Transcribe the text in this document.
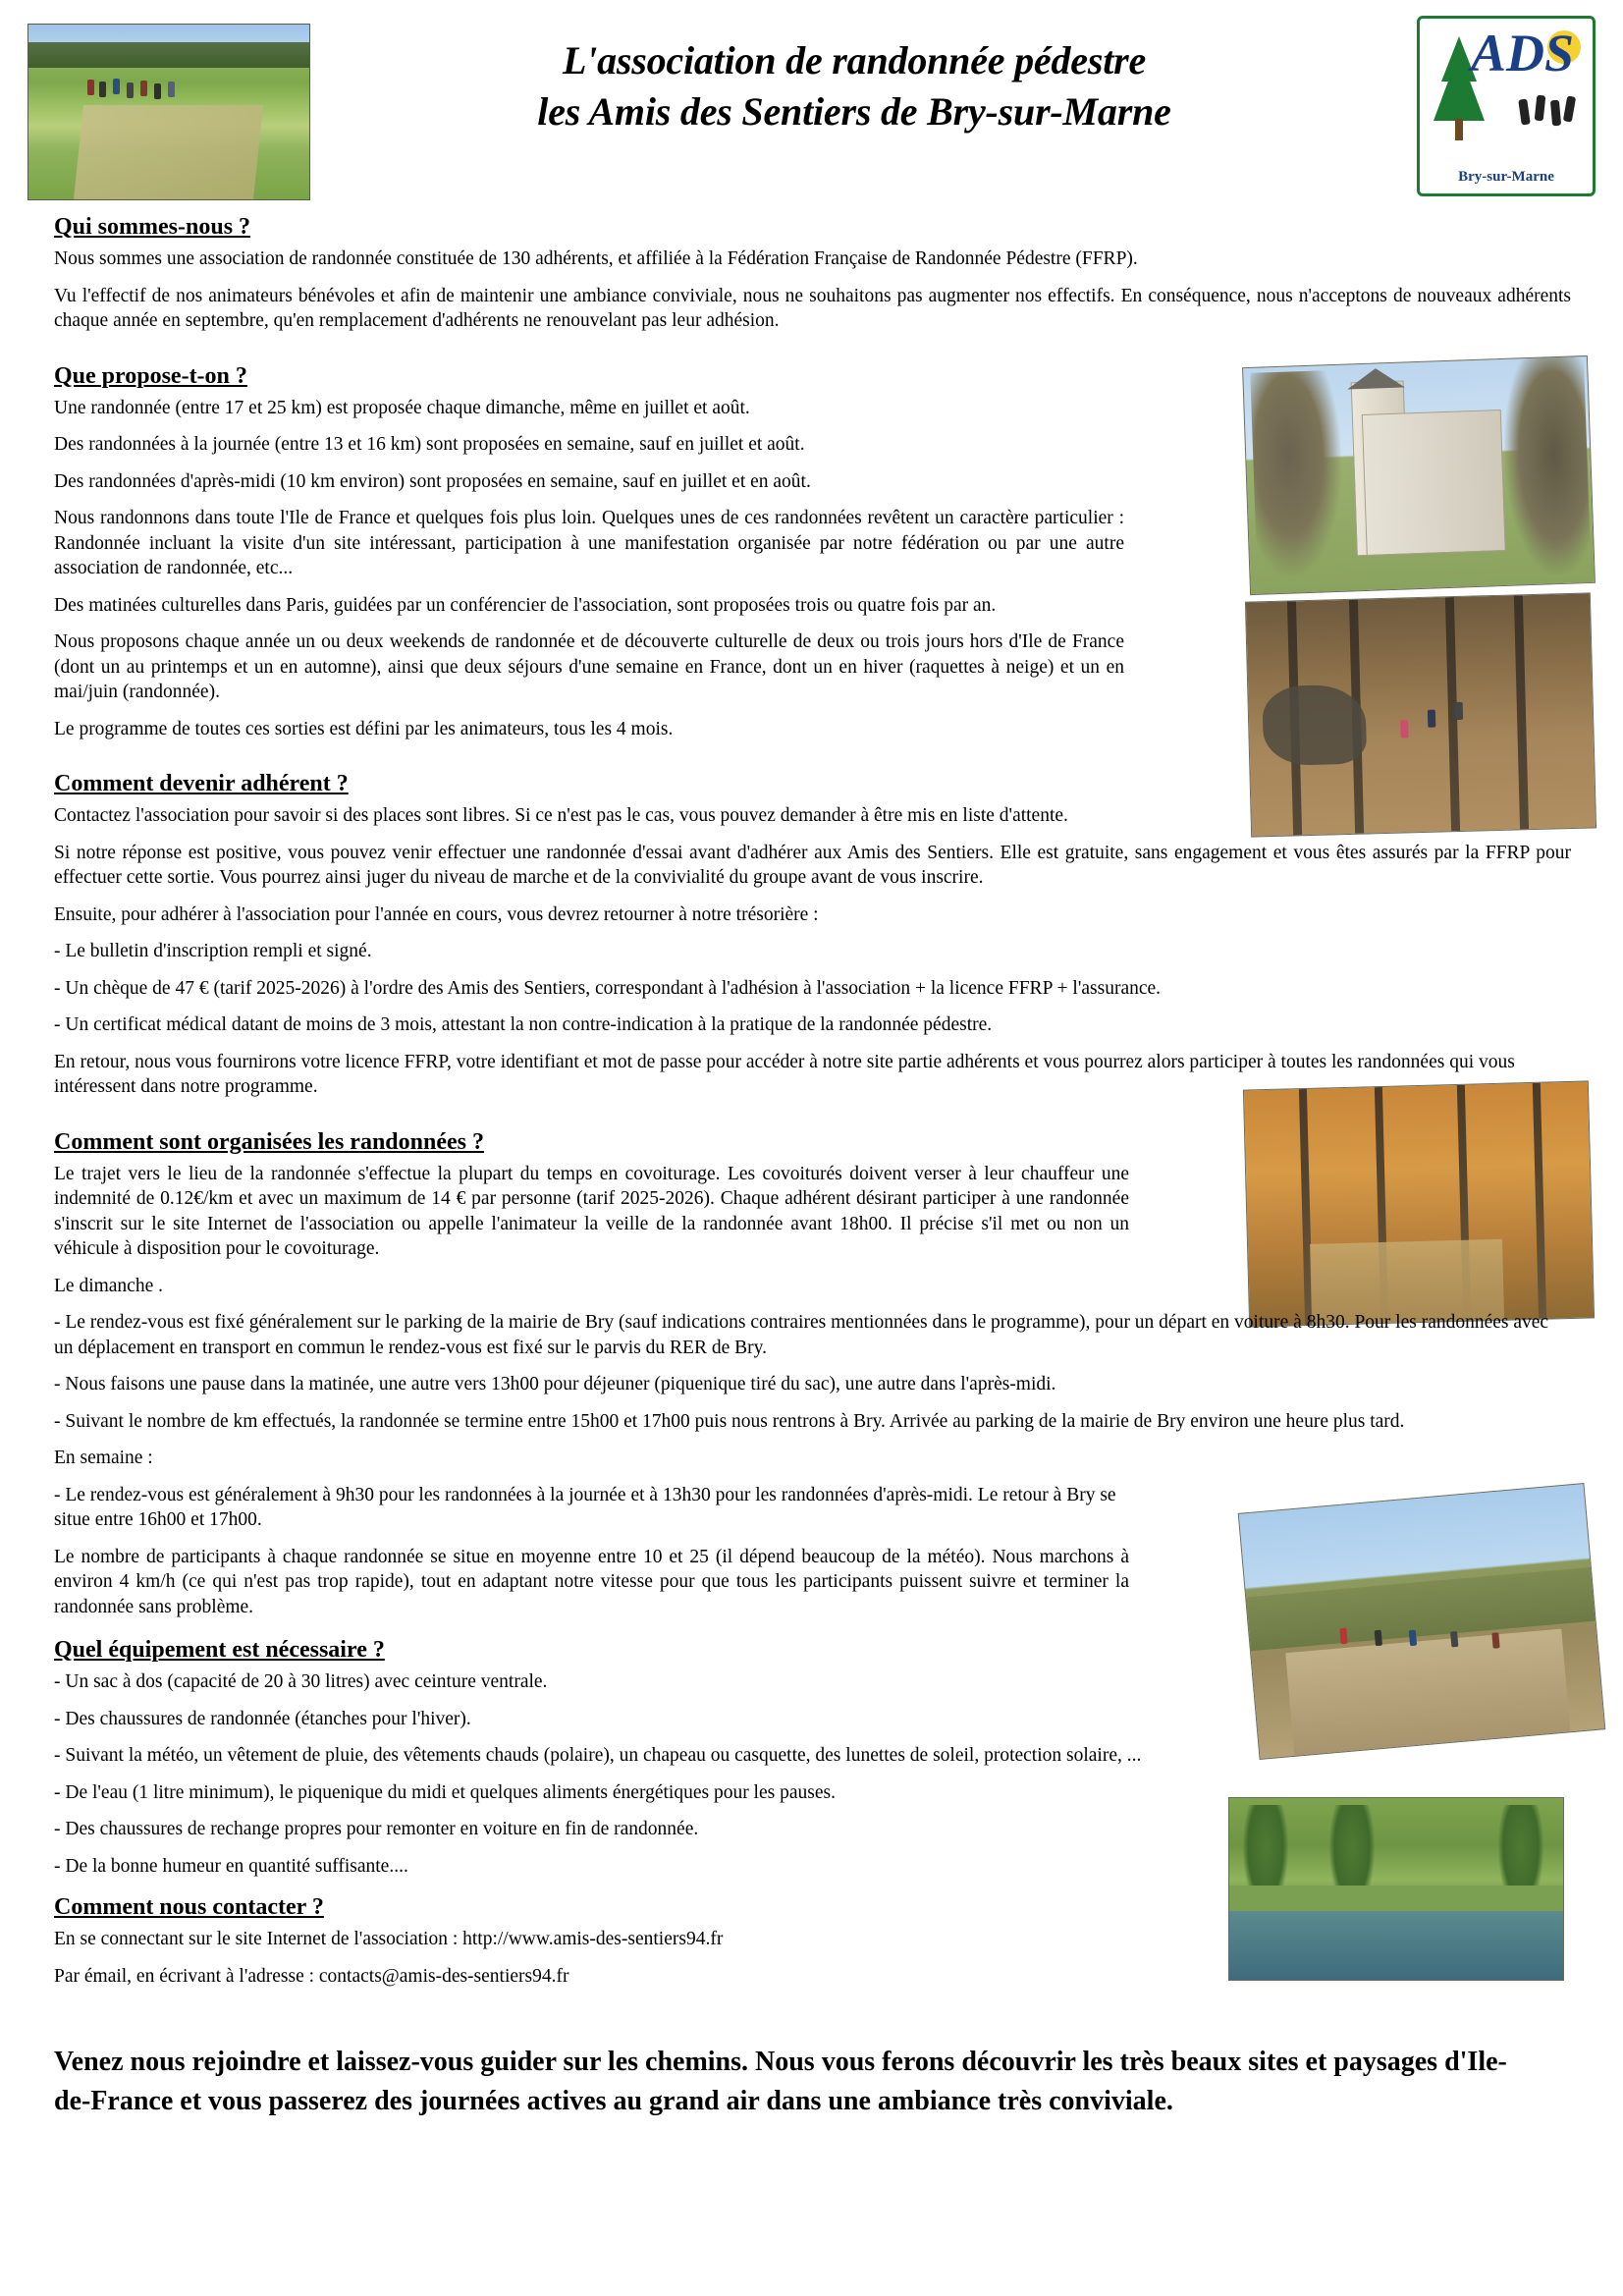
L'association de randonnée pédestre
les Amis des Sentiers de Bry-sur-Marne
ADS
Bry-sur-Marne
Qui sommes-nous ?

Nous sommes une association de randonnée constituée de 130 adhérents, et affiliée à la Fédération Française de Randonnée Pédestre (FFRP).

Vu l'effectif de nos animateurs bénévoles et afin de maintenir une ambiance conviviale, nous ne souhaitons pas augmenter nos effectifs. En conséquence, nous n'acceptons de nouveaux adhérents chaque année en septembre, qu'en remplacement d'adhérents ne renouvelant pas leur adhésion.

Que propose-t-on ?

Une randonnée (entre 17 et 25 km) est proposée chaque dimanche, même en juillet et août.

Des randonnées à la journée (entre 13 et 16 km) sont proposées en semaine, sauf en juillet et août.

Des randonnées d'après-midi (10 km environ) sont proposées en semaine, sauf en juillet et en août.

Nous randonnons dans toute l'Ile de France et quelques fois plus loin. Quelques unes de ces randonnées revêtent un caractère particulier : Randonnée incluant la visite d'un site intéressant, participation à une manifestation organisée par notre fédération ou par une autre association de randonnée, etc...

Des matinées culturelles dans Paris, guidées par un conférencier de l'association, sont proposées trois ou quatre fois par an.

Nous proposons chaque année un ou deux weekends de randonnée et de découverte culturelle de deux ou trois jours hors d'Ile de France (dont un au printemps et un en automne), ainsi que deux séjours d'une semaine en France, dont un en hiver (raquettes à neige) et un en mai/juin (randonnée).

Le programme de toutes ces sorties est défini par les animateurs, tous les 4 mois.

Comment devenir adhérent ?

Contactez l'association pour savoir si des places sont libres. Si ce n'est pas le cas, vous pouvez demander à être mis en liste d'attente.

Si notre réponse est positive, vous pouvez venir effectuer une randonnée d'essai avant d'adhérer aux Amis des Sentiers. Elle est gratuite, sans engagement et vous êtes assurés par la FFRP pour effectuer cette sortie. Vous pourrez ainsi juger du niveau de marche et de la convivialité du groupe avant de vous inscrire.

Ensuite, pour adhérer à l'association pour l'année en cours, vous devrez retourner à notre trésorière :

- Le bulletin d'inscription rempli et signé.

- Un chèque de 47 € (tarif 2025-2026) à l'ordre des Amis des Sentiers, correspondant à l'adhésion à l'association + la licence FFRP + l'assurance.

- Un certificat médical datant de moins de 3 mois, attestant la non contre-indication à la pratique de la randonnée pédestre.

En retour, nous vous fournirons votre licence FFRP, votre identifiant et mot de passe pour accéder à notre site partie adhérents et vous pourrez alors participer à toutes les randonnées qui vous intéressent dans notre programme.

Comment sont organisées les randonnées ?

Le trajet vers le lieu de la randonnée s'effectue la plupart du temps en covoiturage. Les covoiturés doivent verser à leur chauffeur une indemnité de 0.12€/km et avec un maximum de 14 € par personne (tarif 2025-2026). Chaque adhérent désirant participer à une randonnée s'inscrit sur le site Internet de l'association ou appelle l'animateur la veille de la randonnée avant 18h00. Il précise s'il met ou non un véhicule à disposition pour le covoiturage.

Le dimanche .

- Le rendez-vous est fixé généralement sur le parking de la mairie de Bry (sauf indications contraires mentionnées dans le programme), pour un départ en voiture à 8h30. Pour les randonnées avec un déplacement en transport en commun le rendez-vous est fixé sur le parvis du RER de Bry.

- Nous faisons une pause dans la matinée, une autre vers 13h00 pour déjeuner (piquenique tiré du sac), une autre dans l'après-midi.

- Suivant le nombre de km effectués, la randonnée se termine entre 15h00 et 17h00 puis nous rentrons à Bry. Arrivée au parking de la mairie de Bry environ une heure plus tard.

En semaine :

- Le rendez-vous est généralement à 9h30 pour les randonnées à la journée et à 13h30 pour les randonnées d'après-midi. Le retour à Bry se situe entre 16h00 et 17h00.

Le nombre de participants à chaque randonnée se situe en moyenne entre 10 et 25 (il dépend beaucoup de la météo). Nous marchons à environ 4 km/h (ce qui n'est pas trop rapide), tout en adaptant notre vitesse pour que tous les participants puissent suivre et terminer la randonnée sans problème.

Quel équipement est nécessaire ?

- Un sac à dos (capacité de 20 à 30 litres) avec ceinture ventrale.

- Des chaussures de randonnée (étanches pour l'hiver).

- Suivant la météo, un vêtement de pluie, des vêtements chauds (polaire), un chapeau ou casquette, des lunettes de soleil, protection solaire, ...

- De l'eau (1 litre minimum), le piquenique du midi et quelques aliments énergétiques pour les pauses.

- Des chaussures de rechange propres pour remonter en voiture en fin de randonnée.

- De la bonne humeur en quantité suffisante....

Comment nous contacter ?

En se connectant sur le site Internet de l'association : http://www.amis-des-sentiers94.fr

Par émail, en écrivant à l'adresse : contacts@amis-des-sentiers94.fr

Venez nous rejoindre et laissez-vous guider sur les chemins. Nous vous ferons découvrir les très beaux sites et paysages d'Ile-de-France et vous passerez des journées actives au grand air dans une ambiance très conviviale.
